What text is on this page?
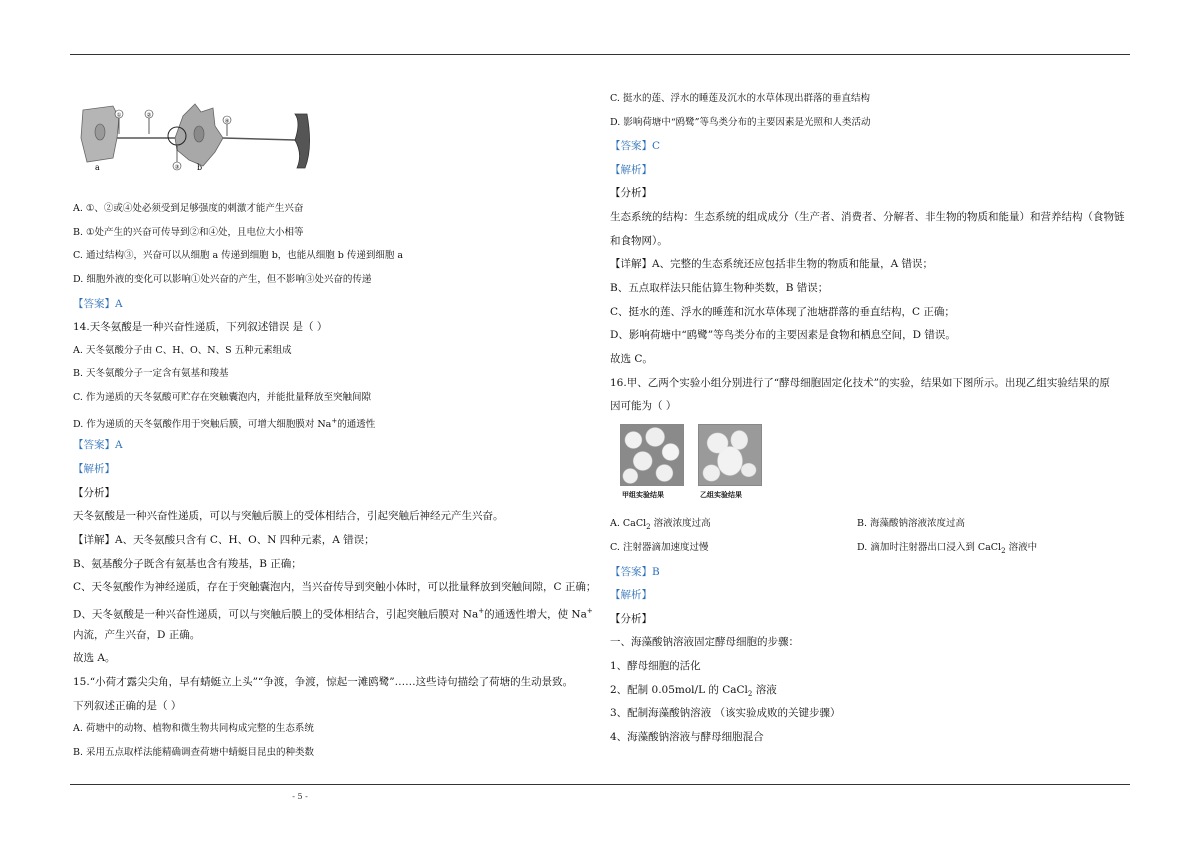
①	②
③
④
a	b
A. ①、②或④处必须受到足够强度的刺激才能产生兴奋
B. ①处产生的兴奋可传导到②和④处，且电位大小相等
C. 通过结构③，兴奋可以从细胞 a 传递到细胞 b，也能从细胞 b 传递到细胞 a
D. 细胞外液的变化可以影响①处兴奋的产生，但不影响③处兴奋的传递
【答案】A
14.天冬氨酸是一种兴奋性递质，下列叙述错误 是（ ）
A. 天冬氨酸分子由 C、H、O、N、S 五种元素组成
B. 天冬氨酸分子一定含有氨基和羧基
C. 作为递质的天冬氨酸可贮存在突触囊泡内，并能批量释放至突触间隙
D. 作为递质的天冬氨酸作用于突触后膜，可增大细胞膜对 Na+的通透性
【答案】A
【解析】
【分析】
天冬氨酸是一种兴奋性递质，可以与突触后膜上的受体相结合，引起突触后神经元产生兴奋。
【详解】A、天冬氨酸只含有 C、H、O、N 四种元素，A 错误；
B、氨基酸分子既含有氨基也含有羧基，B 正确；
C、天冬氨酸作为神经递质，存在于突触囊泡内，当兴奋传导到突触小体时，可以批量释放到突触间隙，C 正确；
D、天冬氨酸是一种兴奋性递质，可以与突触后膜上的受体相结合，引起突触后膜对 Na+的通透性增大，使 Na+
内流，产生兴奋，D 正确。
故选 A。
15.“小荷才露尖尖角，早有蜻蜓立上头”“争渡，争渡，惊起一滩鸥鹭”……这些诗句描绘了荷塘的生动景致。
下列叙述正确的是（ ）
A. 荷塘中的动物、植物和微生物共同构成完整的生态系统
B. 采用五点取样法能精确调查荷塘中蜻蜓目昆虫的种类数
C. 挺水的莲、浮水的睡莲及沉水的水草体现出群落的垂直结构
D. 影响荷塘中“鸥鹭”等鸟类分布的主要因素是光照和人类活动
【答案】C
【解析】
【分析】
生态系统的结构：生态系统的组成成分（生产者、消费者、分解者、非生物的物质和能量）和营养结构（食物链
和食物网）。
【详解】A、完整的生态系统还应包括非生物的物质和能量，A 错误；
B、五点取样法只能估算生物种类数，B 错误；
C、挺水的莲、浮水的睡莲和沉水草体现了池塘群落的垂直结构，C 正确；
D、影响荷塘中“鸥鹭”等鸟类分布的主要因素是食物和栖息空间，D 错误。
故选 C。
16.甲、乙两个实验小组分别进行了“酵母细胞固定化技术”的实验，结果如下图所示。出现乙组实验结果的原
因可能为（ ）
甲组实验结果	乙组实验结果
A. CaCl$_2$ 溶液浓度过高	B. 海藻酸钠溶液浓度过高
C. 注射器滴加速度过慢	D. 滴加时注射器出口浸入到 CaCl$_2$ 溶液中
【答案】B
【解析】
【分析】
一、海藻酸钠溶液固定酵母细胞的步骤：
1、酵母细胞的活化
2、配制 0.05mol/L 的 CaCl$_2$ 溶液
3、配制海藻酸钠溶液 （该实验成败的关键步骤）
4、海藻酸钠溶液与酵母细胞混合
- 5 -
